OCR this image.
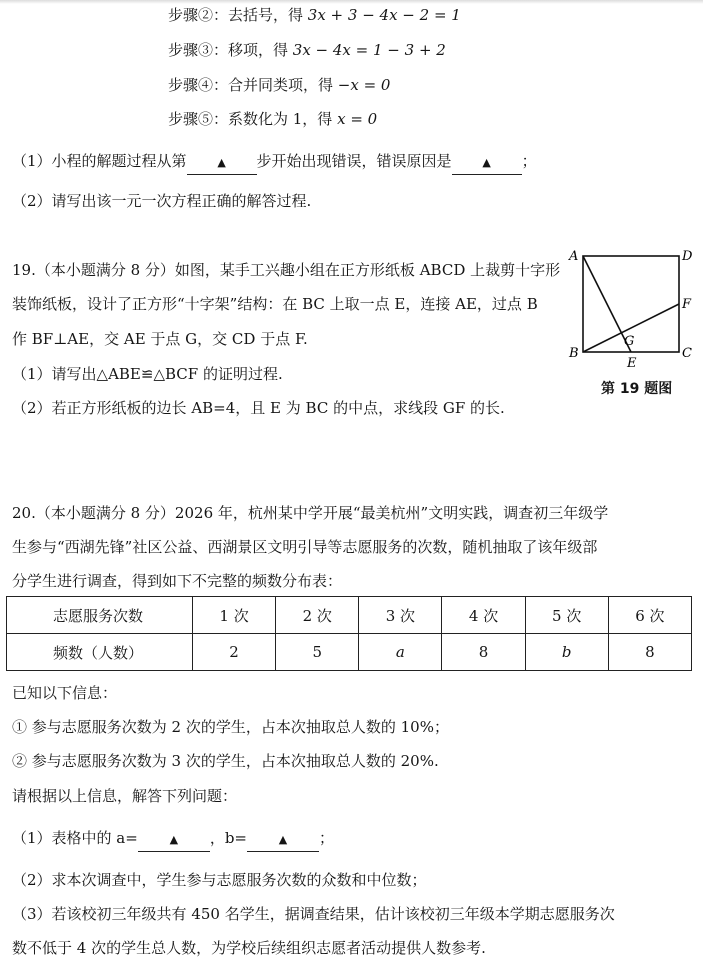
步骤②：去括号，得 3x + 3 − 4x − 2 = 1
步骤③：移项，得 3x − 4x = 1 − 3 + 2
步骤④：合并同类项，得 −x = 0
步骤⑤：系数化为 1，得 x = 0
（1）小程的解题过程从第	▲ 步开始出现错误，错误原因是	▲ ；
（2）请写出该一元一次方程正确的解答过程.
19.（本小题满分 8 分）如图，某手工兴趣小组在正方形纸板 ABCD 上裁剪十字形
装饰纸板，设计了正方形“十字架”结构：在 BC 上取一点 E，连接 AE，过点 B
作 BF⊥AE，交 AE 于点 G，交 CD 于点 F.
（1）请写出△ABE≌△BCF 的证明过程.
（2）若正方形纸板的边长 AB=4，且 E 为 BC 的中点，求线段 GF 的长.
A	D
F
B	C
E
G
第 19 题图
20.（本小题满分 8 分）2026 年，杭州某中学开展“最美杭州”文明实践，调查初三年级学
生参与“西湖先锋”社区公益、西湖景区文明引导等志愿服务的次数，随机抽取了该年级部
分学生进行调查，得到如下不完整的频数分布表：
志愿服务次数	1 次	2 次	3 次	4 次	5 次	6 次
频数（人数）	2	5	a	8	b	8
已知以下信息：
① 参与志愿服务次数为 2 次的学生，占本次抽取总人数的 10%；
② 参与志愿服务次数为 3 次的学生，占本次抽取总人数的 20%.
请根据以上信息，解答下列问题：
（1）表格中的 a=	▲ ，b=	▲ ；
（2）求本次调查中，学生参与志愿服务次数的众数和中位数；
（3）若该校初三年级共有 450 名学生，据调查结果，估计该校初三年级本学期志愿服务次
数不低于 4 次的学生总人数，为学校后续组织志愿者活动提供人数参考.
